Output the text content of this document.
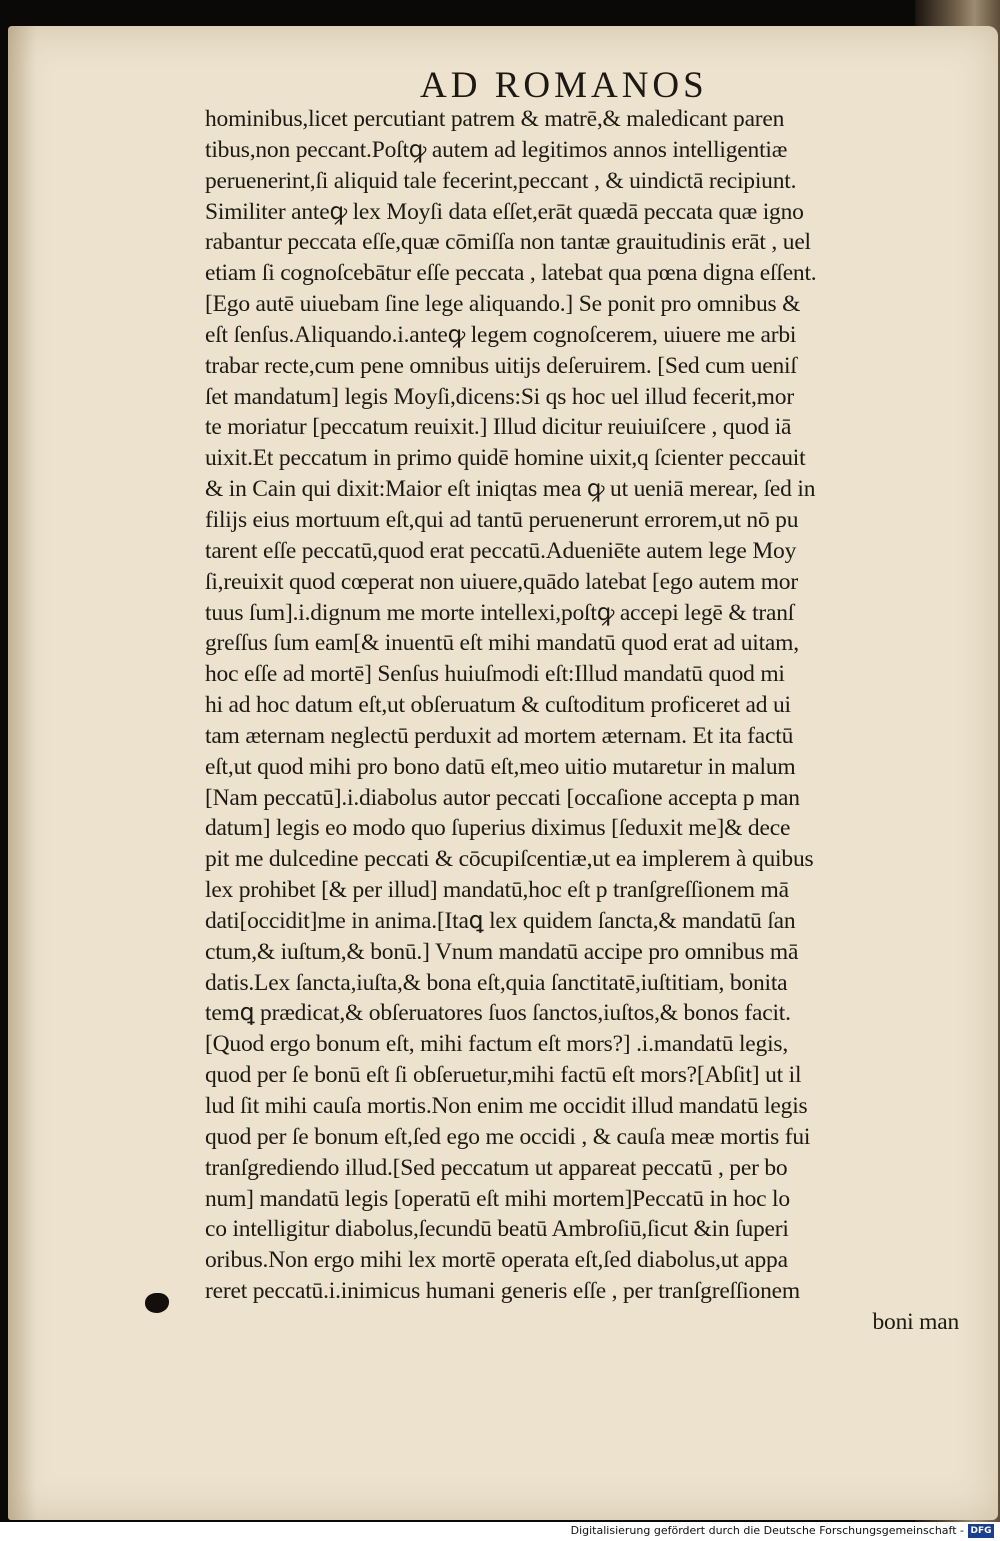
AD ROMANOS
hominibus,licet percutiant patrem & matrē,& maledicant paren
tibus,non peccant.Poſtꝙ autem ad legitimos annos intelligentiæ
peruenerint,ſi aliquid tale fecerint,peccant , & uindictā recipiunt.
Similiter anteꝙ lex Moyſi data eſſet,erāt quædā peccata quæ igno
rabantur peccata eſſe,quæ cōmiſſa non tantæ grauitudinis erāt , uel
etiam ſi cognoſcebātur eſſe peccata , latebat qua pœna digna eſſent.
[Ego autē uiuebam ſine lege aliquando.] Se ponit pro omnibus &
eſt ſenſus.Aliquando.i.anteꝙ legem cognoſcerem, uiuere me arbi
trabar recte,cum pene omnibus uitijs deſeruirem. [Sed cum ueniſ
ſet mandatum] legis Moyſi,dicens:Si qs hoc uel illud fecerit,mor
te moriatur [peccatum reuixit.] Illud dicitur reuiuiſcere , quod iā
uixit.Et peccatum in primo quidē homine uixit,q ſcienter peccauit
& in Cain qui dixit:Maior eſt iniqtas mea ꝙ ut ueniā merear, ſed in
filijs eius mortuum eſt,qui ad tantū peruenerunt errorem,ut nō pu
tarent eſſe peccatū,quod erat peccatū.Adueniēte autem lege Moy
ſi,reuixit quod cœperat non uiuere,quādo latebat [ego autem mor
tuus ſum].i.dignum me morte intellexi,poſtꝙ accepi legē & tranſ
greſſus ſum eam[& inuentū eſt mihi mandatū quod erat ad uitam,
hoc eſſe ad mortē] Senſus huiuſmodi eſt:Illud mandatū quod mi
hi ad hoc datum eſt,ut obſeruatum & cuſtoditum proficeret ad ui
tam æternam neglectū perduxit ad mortem æternam. Et ita factū
eſt,ut quod mihi pro bono datū eſt,meo uitio mutaretur in malum
[Nam peccatū].i.diabolus autor peccati [occaſione accepta p man
datum] legis eo modo quo ſuperius diximus [ſeduxit me]& dece
pit me dulcedine peccati & cōcupiſcentiæ,ut ea implerem à quibus
lex prohibet [& per illud] mandatū,hoc eſt p tranſgreſſionem mā
dati[occidit]me in anima.[Itaꝗ lex quidem ſancta,& mandatū ſan
ctum,& iuſtum,& bonū.] Vnum mandatū accipe pro omnibus mā
datis.Lex ſancta,iuſta,& bona eſt,quia ſanctitatē,iuſtitiam, bonita
temꝗ prædicat,& obſeruatores ſuos ſanctos,iuſtos,& bonos facit.
[Quod ergo bonum eſt, mihi factum eſt mors?] .i.mandatū legis,
quod per ſe bonū eſt ſi obſeruetur,mihi factū eſt mors?[Abſit] ut il
lud ſit mihi cauſa mortis.Non enim me occidit illud mandatū legis
quod per ſe bonum eſt,ſed ego me occidi , & cauſa meæ mortis fui
tranſgrediendo illud.[Sed peccatum ut appareat peccatū , per bo
num] mandatū legis [operatū eſt mihi mortem]Peccatū in hoc lo
co intelligitur diabolus,ſecundū beatū Ambroſiū,ſicut &in ſuperi
oribus.Non ergo mihi lex mortē operata eſt,ſed diabolus,ut appa
reret peccatū.i.inimicus humani generis eſſe , per tranſgreſſionem
boni man
Digitalisierung gefördert durch die Deutsche Forschungsgemeinschaft - DFG
